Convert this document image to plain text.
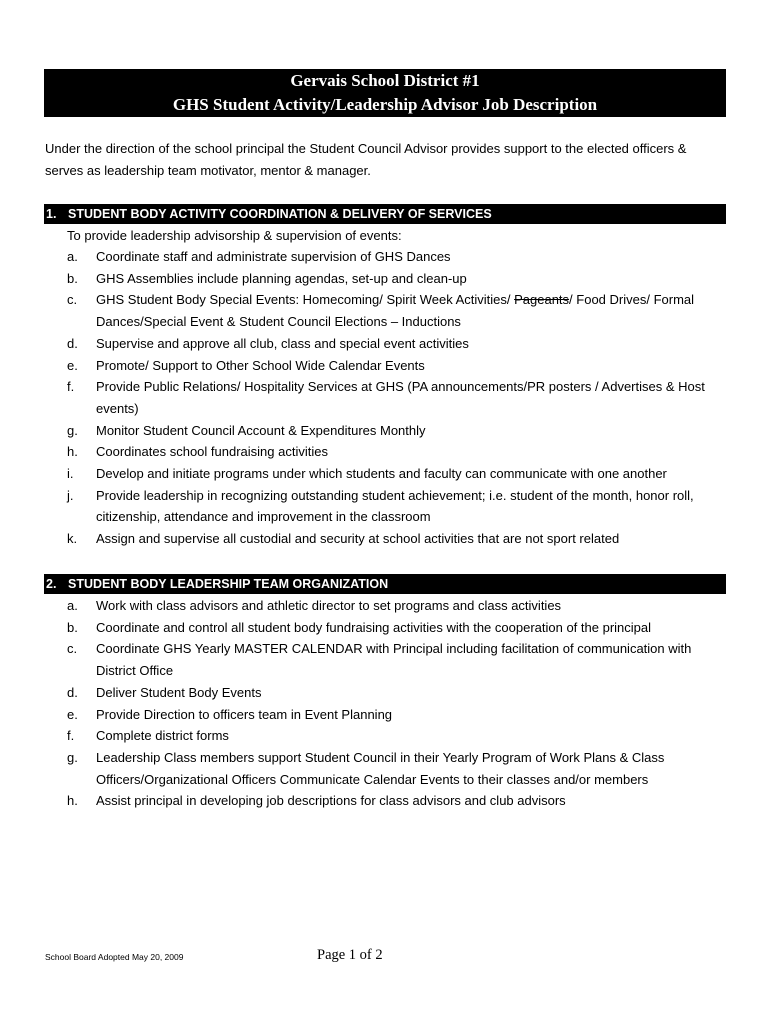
Gervais School District #1
GHS Student Activity/Leadership Advisor Job Description
Under the direction of the school principal the Student Council Advisor provides support to the elected officers & serves as leadership team motivator, mentor & manager.
1. STUDENT BODY ACTIVITY COORDINATION & DELIVERY OF SERVICES
To provide leadership advisorship & supervision of events:
a. Coordinate staff and administrate supervision of GHS Dances
b. GHS Assemblies include planning agendas, set-up and clean-up
c. GHS Student Body Special Events: Homecoming/ Spirit Week Activities/ Pageants/ Food Drives/ Formal Dances/Special Event & Student Council Elections – Inductions
d. Supervise and approve all club, class and special event activities
e. Promote/ Support to Other School Wide Calendar Events
f. Provide Public Relations/ Hospitality Services at GHS (PA announcements/PR posters / Advertises & Host events)
g. Monitor Student Council Account & Expenditures Monthly
h. Coordinates school fundraising activities
i. Develop and initiate programs under which students and faculty can communicate with one another
j. Provide leadership in recognizing outstanding student achievement; i.e. student of the month, honor roll, citizenship, attendance and improvement in the classroom
k. Assign and supervise all custodial and security at school activities that are not sport related
2. STUDENT BODY LEADERSHIP TEAM ORGANIZATION
a. Work with class advisors and athletic director to set programs and class activities
b. Coordinate and control all student body fundraising activities with the cooperation of the principal
c. Coordinate GHS Yearly MASTER CALENDAR with Principal including facilitation of communication with District Office
d. Deliver Student Body Events
e. Provide Direction to officers team in Event Planning
f. Complete district forms
g. Leadership Class members support Student Council in their Yearly Program of Work Plans & Class Officers/Organizational Officers Communicate Calendar Events to their classes and/or members
h. Assist principal in developing job descriptions for class advisors and club advisors
School Board Adopted May 20, 2009	Page 1 of 2
